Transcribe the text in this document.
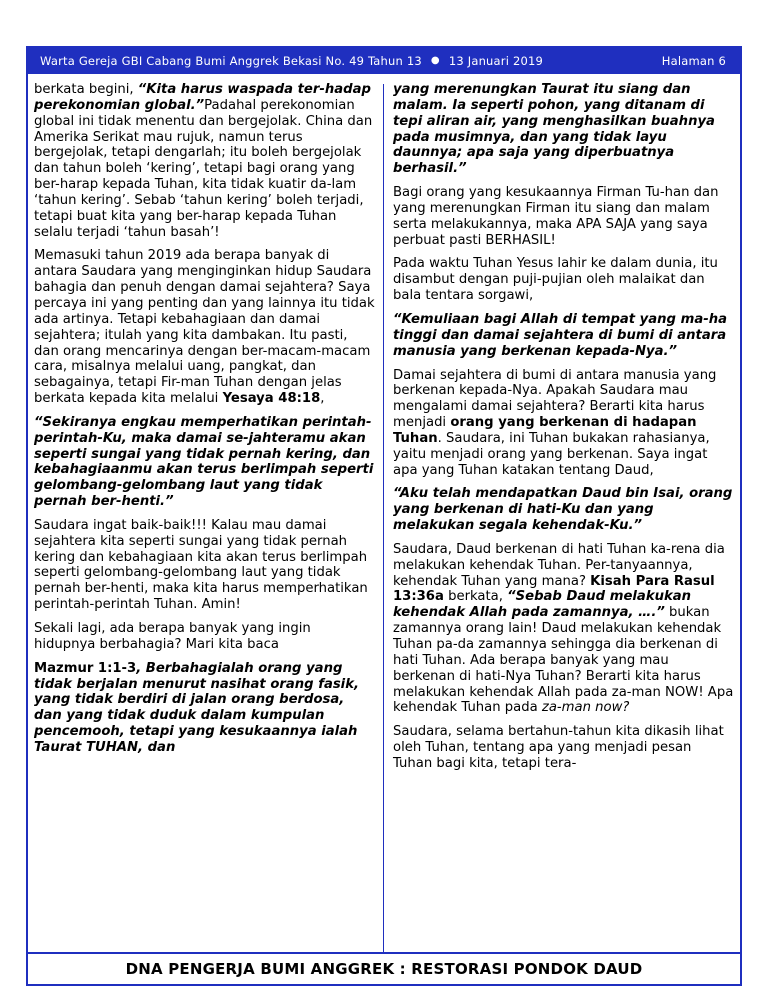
Warta Gereja GBI Cabang Bumi Anggrek Bekasi No. 49 Tahun 13 ● 13 Januari 2019	Halaman 6

berkata begini, “Kita harus waspada ter-hadap perekonomian global.”Padahal perekonomian global ini tidak menentu dan bergejolak. China dan Amerika Serikat mau rujuk, namun terus bergejolak, tetapi dengarlah; itu boleh bergejolak dan tahun boleh ‘kering’, tetapi bagi orang yang ber-harap kepada Tuhan, kita tidak kuatir da-lam ‘tahun kering’. Sebab ‘tahun kering’ boleh terjadi, tetapi buat kita yang ber-harap kepada Tuhan selalu terjadi ‘tahun basah’!

Memasuki tahun 2019 ada berapa banyak di antara Saudara yang menginginkan hidup Saudara bahagia dan penuh dengan damai sejahtera? Saya percaya ini yang penting dan yang lainnya itu tidak ada artinya. Tetapi kebahagiaan dan damai sejahtera; itulah yang kita dambakan. Itu pasti, dan orang mencarinya dengan ber-macam-macam cara, misalnya melalui uang, pangkat, dan sebagainya, tetapi Fir-man Tuhan dengan jelas berkata kepada kita melalui Yesaya 48:18,

“Sekiranya engkau memperhatikan perintah-perintah-Ku, maka damai se-jahteramu akan seperti sungai yang tidak pernah kering, dan kebahagiaanmu akan terus berlimpah seperti gelombang-gelombang laut yang tidak pernah ber-henti.”

Saudara ingat baik-baik!!! Kalau mau damai sejahtera kita seperti sungai yang tidak pernah kering dan kebahagiaan kita akan terus berlimpah seperti gelombang-gelombang laut yang tidak pernah ber-henti, maka kita harus memperhatikan perintah-perintah Tuhan. Amin!

Sekali lagi, ada berapa banyak yang ingin hidupnya berbahagia? Mari kita baca

Mazmur 1:1-3, Berbahagialah orang yang tidak berjalan menurut nasihat orang fasik, yang tidak berdiri di jalan orang berdosa, dan yang tidak duduk dalam kumpulan pencemooh, tetapi yang kesukaannya ialah Taurat TUHAN, dan

yang merenungkan Taurat itu siang dan malam. Ia seperti pohon, yang ditanam di tepi aliran air, yang menghasilkan buahnya pada musimnya, dan yang tidak layu daunnya; apa saja yang diperbuatnya berhasil.”

Bagi orang yang kesukaannya Firman Tu-han dan yang merenungkan Firman itu siang dan malam serta melakukannya, maka APA SAJA yang saya perbuat pasti BERHASIL!

Pada waktu Tuhan Yesus lahir ke dalam dunia, itu disambut dengan puji-pujian oleh malaikat dan bala tentara sorgawi,

“Kemuliaan bagi Allah di tempat yang ma-ha tinggi dan damai sejahtera di bumi di antara manusia yang berkenan kepada-Nya.”

Damai sejahtera di bumi di antara manusia yang berkenan kepada-Nya. Apakah Saudara mau mengalami damai sejahtera? Berarti kita harus menjadi orang yang berkenan di hadapan Tuhan. Saudara, ini Tuhan bukakan rahasianya, yaitu menjadi orang yang berkenan. Saya ingat apa yang Tuhan katakan tentang Daud,

“Aku telah mendapatkan Daud bin Isai, orang yang berkenan di hati-Ku dan yang melakukan segala kehendak-Ku.”

Saudara, Daud berkenan di hati Tuhan ka-rena dia melakukan kehendak Tuhan. Per-tanyaannya, kehendak Tuhan yang mana? Kisah Para Rasul 13:36a berkata, “Sebab Daud melakukan kehendak Allah pada zamannya, ….” bukan zamannya orang lain! Daud melakukan kehendak Tuhan pa-da zamannya sehingga dia berkenan di hati Tuhan. Ada berapa banyak yang mau berkenan di hati-Nya Tuhan? Berarti kita harus melakukan kehendak Allah pada za-man NOW! Apa kehendak Tuhan pada za-man now?

Saudara, selama bertahun-tahun kita dikasih lihat oleh Tuhan, tentang apa yang menjadi pesan Tuhan bagi kita, tetapi tera-

DNA PENGERJA BUMI ANGGREK : RESTORASI PONDOK DAUD
